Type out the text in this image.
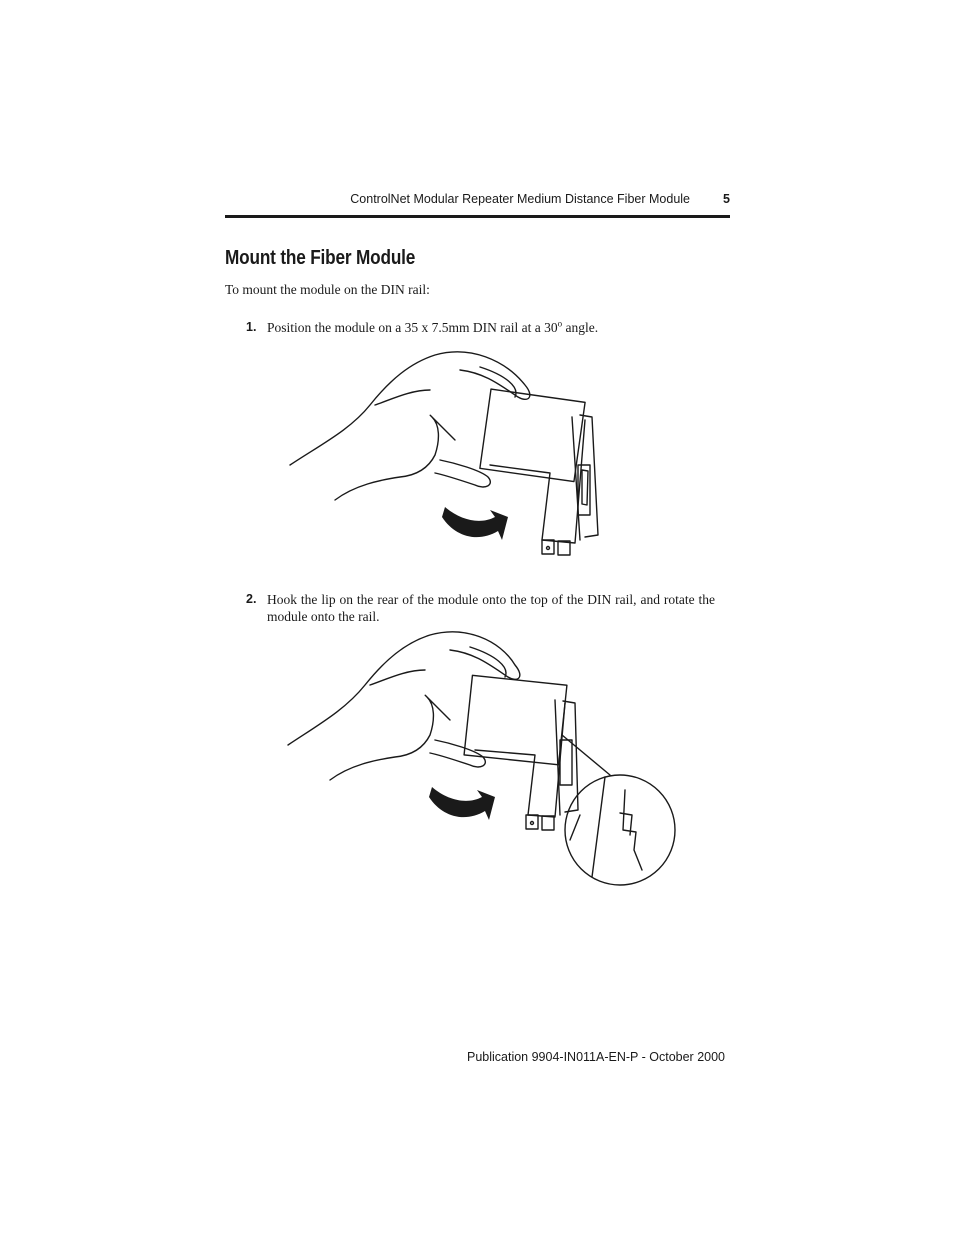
ControlNet Modular Repeater Medium Distance Fiber Module	5
Mount the Fiber Module

To mount the module on the DIN rail:

1. Position the module on a 35 x 7.5mm DIN rail at a 30$^o$ angle.
2. Hook the lip on the rear of the module onto the top of the DIN rail, and rotate the module onto the rail.
Publication 9904-IN011A-EN-P - October 2000
